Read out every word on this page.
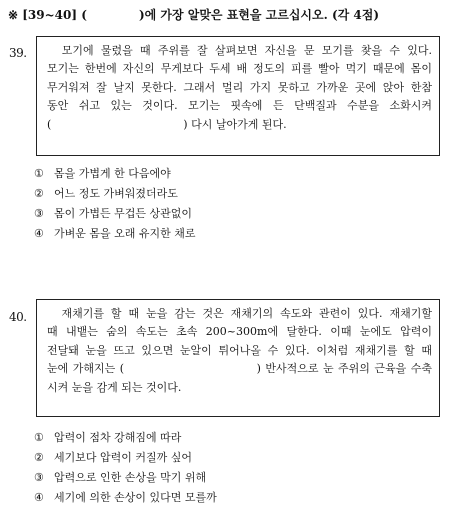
※ [39~40] (	)에 가장 알맞은 표현을 고르십시오. (각 4점)
39. 　모기에 물렸을 때 주위를 잘 살펴보면 자신을 문 모기를 찾을 수 있다.
모기는 한번에 자신의 무게보다 두세 배 정도의 피를 빨아 먹기 때문에 몸이
무거워져 잘 날지 못한다. 그래서 멀리 가지 못하고 가까운 곳에 앉아 한참
동안 쉬고 있는 것이다. 모기는 핏속에 든 단백질과 수분을 소화시켜
(　　　　　　　　　　　　) 다시 날아가게 된다.
① 몸을 가볍게 한 다음에야
② 어느 정도 가벼워졌더라도
③ 몸이 가볍든 무겁든 상관없이
④ 가벼운 몸을 오래 유지한 채로
40. 　재채기를 할 때 눈을 감는 것은 재채기의 속도와 관련이 있다. 재채기할
때 내뱉는 숨의 속도는 초속 200~300m에 달한다. 이때 눈에도 압력이
전달돼 눈을 뜨고 있으면 눈알이 튀어나올 수 있다. 이처럼 재채기를 할 때
눈에 가해지는 (　　　　　　　　　　　) 반사적으로 눈 주위의 근육을 수축
시켜 눈을 감게 되는 것이다.
① 압력이 점차 강해짐에 따라
② 세기보다 압력이 커질까 싶어
③ 압력으로 인한 손상을 막기 위해
④ 세기에 의한 손상이 있다면 모를까
